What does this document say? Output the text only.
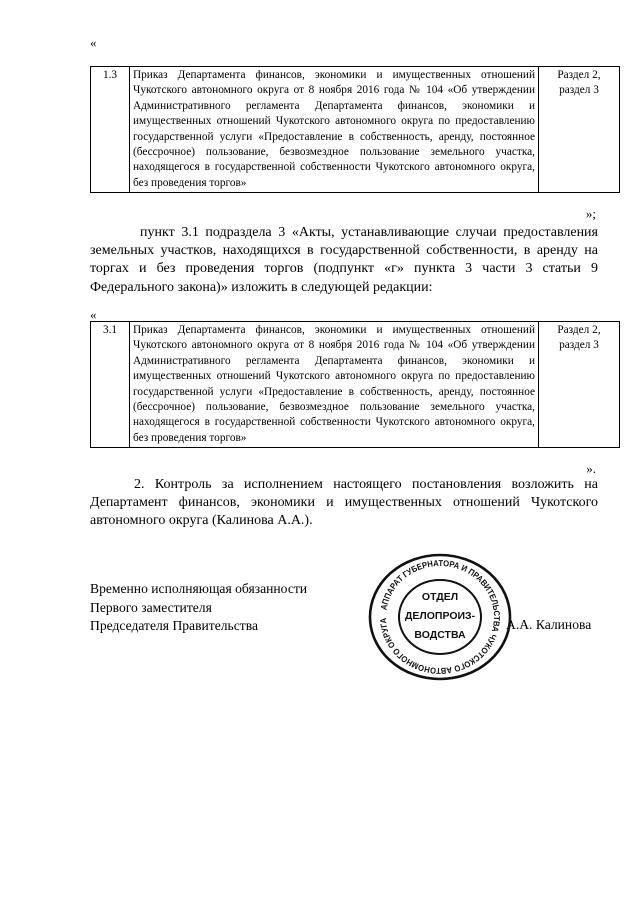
«
1.3	Приказ Департамента финансов, экономики и имущественных отношений Чукотского автономного округа от 8 ноября 2016 года № 104 «Об утверждении Административного регламента Департамента финансов, экономики и имущественных отношений Чукотского автономного округа по предоставлению государственной услуги «Предоставление в собственность, аренду, постоянное (бессрочное) пользование, безвозмездное пользование земельного участка, находящегося в государственной собственности Чукотского автономного округа, без проведения торгов»	Раздел 2, раздел 3
»;
пункт 3.1 подраздела 3 «Акты, устанавливающие случаи предоставления земельных участков, находящихся в государственной собственности, в аренду на торгах и без проведения торгов (подпункт «г» пункта 3 части 3 статьи 9 Федерального закона)» изложить в следующей редакции:
«
3.1	Приказ Департамента финансов, экономики и имущественных отношений Чукотского автономного округа от 8 ноября 2016 года № 104 «Об утверждении Административного регламента Департамента финансов, экономики и имущественных отношений Чукотского автономного округа по предоставлению государственной услуги «Предоставление в собственность, аренду, постоянное (бессрочное) пользование, безвозмездное пользование земельного участка, находящегося в государственной собственности Чукотского автономного округа, без проведения торгов»	Раздел 2, раздел 3
».
2. Контроль за исполнением настоящего постановления возложить на Департамент финансов, экономики и имущественных отношений Чукотского автономного округа (Калинова А.А.).
Временно исполняющая обязанности
Первого заместителя
Председателя Правительства	А.А. Калинова
АППАРАТ ГУБЕРНАТОРА И ПРАВИТЕЛЬСТВА ЧУКОТСКОГО АВТОНОМНОГО ОКРУГА
ОТДЕЛ
ДЕЛОПРОИЗ-
ВОДСТВА
